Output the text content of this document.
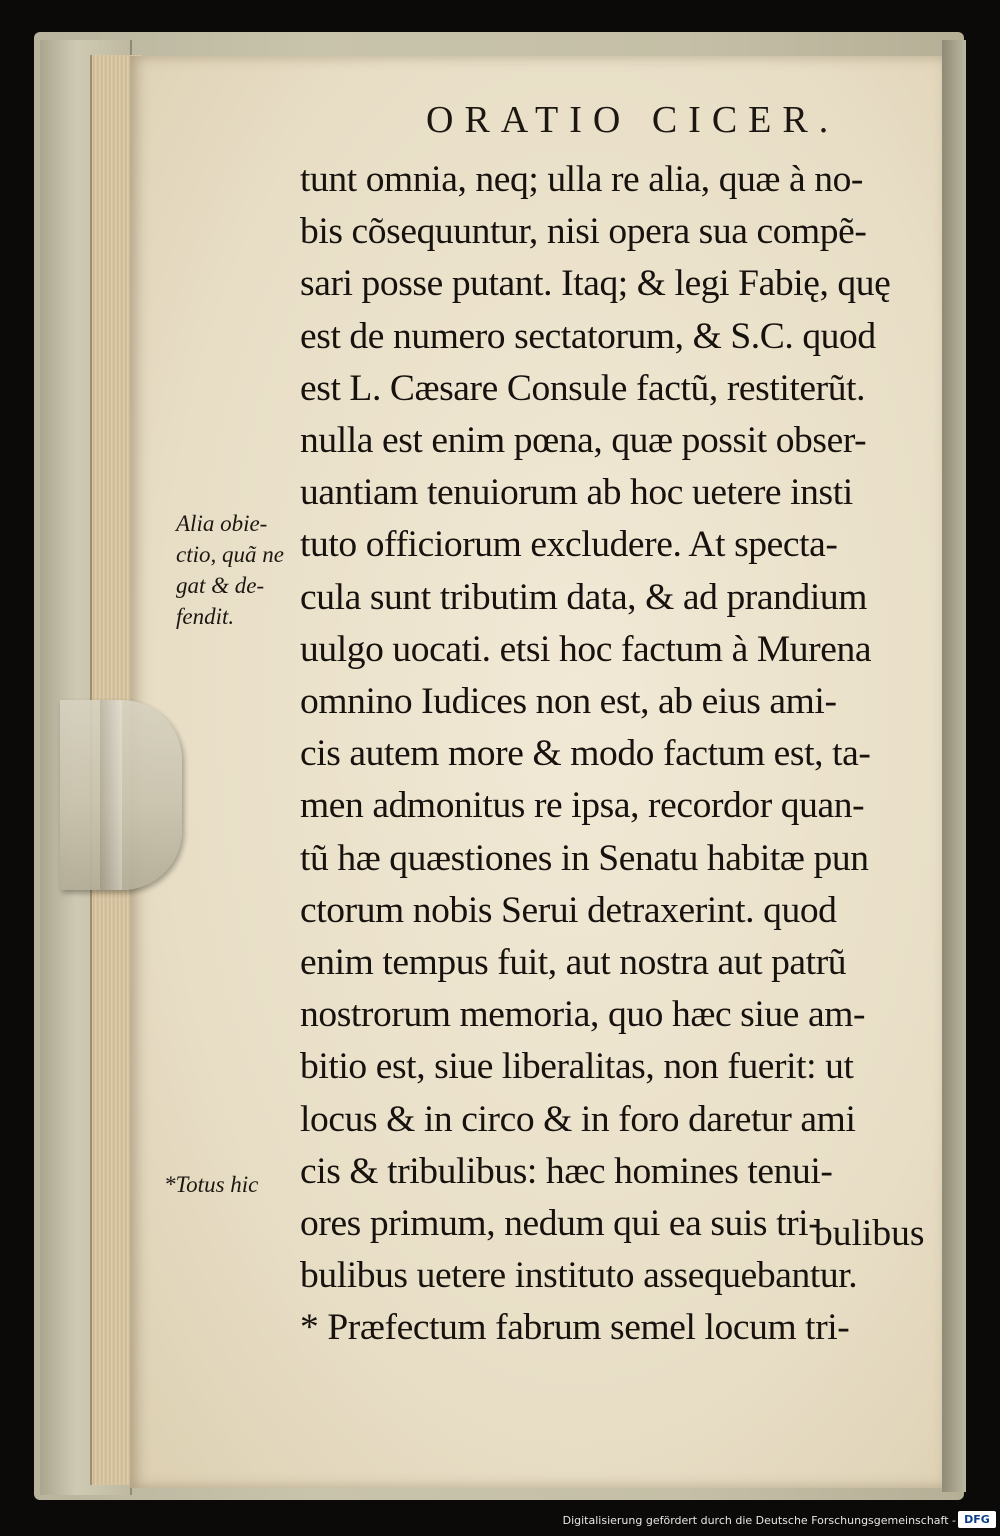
ORATIO CICER.
Alia obie-
ctio, quã ne
gat & de-
fendit.
tunt omnia, neq; ulla re alia, quæ à no-
bis cõsequuntur, nisi opera sua compẽ-
sari posse putant. Itaq; & legi Fabię, quę
est de numero sectatorum, & S.C. quod
est L. Cæsare Consule factũ, restiterũt.
nulla est enim pœna, quæ possit obser-
uantiam tenuiorum ab hoc uetere insti
tuto officiorum excludere. At specta-
cula sunt tributim data, & ad prandium
uulgo uocati. etsi hoc factum à Murena
omnino Iudices non est, ab eius ami-
cis autem more & modo factum est, ta-
men admonitus re ipsa, recordor quan-
tũ hæ quæstiones in Senatu habitæ pun
ctorum nobis Serui detraxerint. quod
enim tempus fuit, aut nostra aut patrũ
nostrorum memoria, quo hæc siue am-
bitio est, siue liberalitas, non fuerit: ut
locus & in circo & in foro daretur ami
cis & tribulibus: hæc homines tenui-
ores primum, nedum qui ea suis tri-
bulibus uetere instituto assequebantur.
* Præfectum fabrum semel locum tri-
*Totus hic
bulibus
Digitalisierung gefördert durch die Deutsche Forschungsgemeinschaft - DFG
